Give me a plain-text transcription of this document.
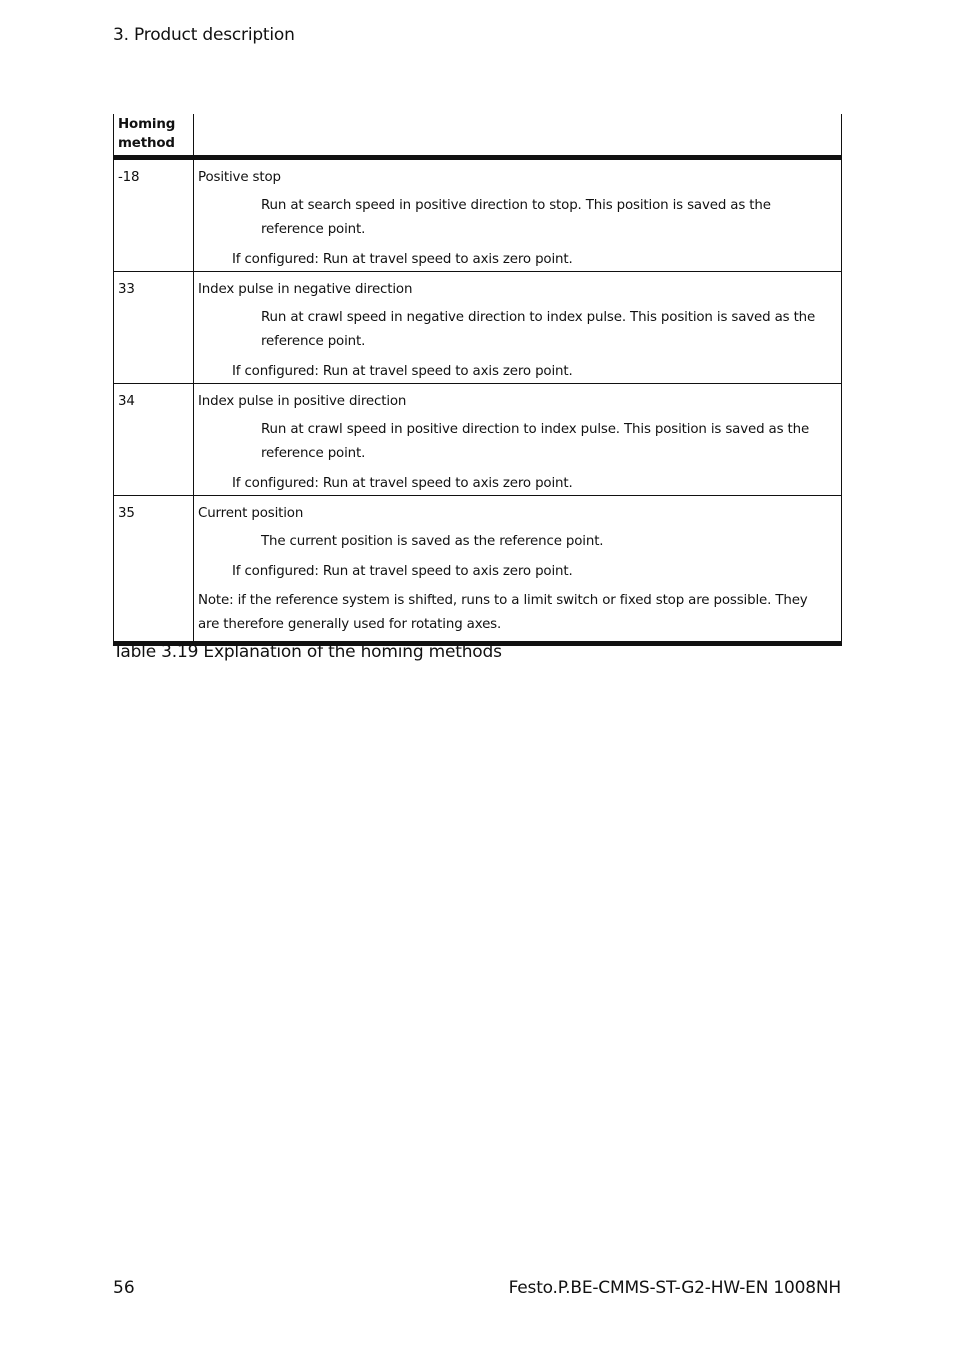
3. Product description
Homing method	
-18	Positive stop

Run at search speed in positive direction to stop. This position is saved as the reference point.

If configured: Run at travel speed to axis zero point.

33	Index pulse in negative direction

Run at crawl speed in negative direction to index pulse. This position is saved as the reference point.

If configured: Run at travel speed to axis zero point.

34	Index pulse in positive direction

Run at crawl speed in positive direction to index pulse. This position is saved as the reference point.

If configured: Run at travel speed to axis zero point.

35	Current position

The current position is saved as the reference point.

If configured: Run at travel speed to axis zero point.

Note: if the reference system is shifted, runs to a limit switch or fixed stop are possible. They are therefore generally used for rotating axes.

Table 3.19 Explanation of the homing methods
56	Festo.P.BE-CMMS-ST-G2-HW-EN 1008NH
